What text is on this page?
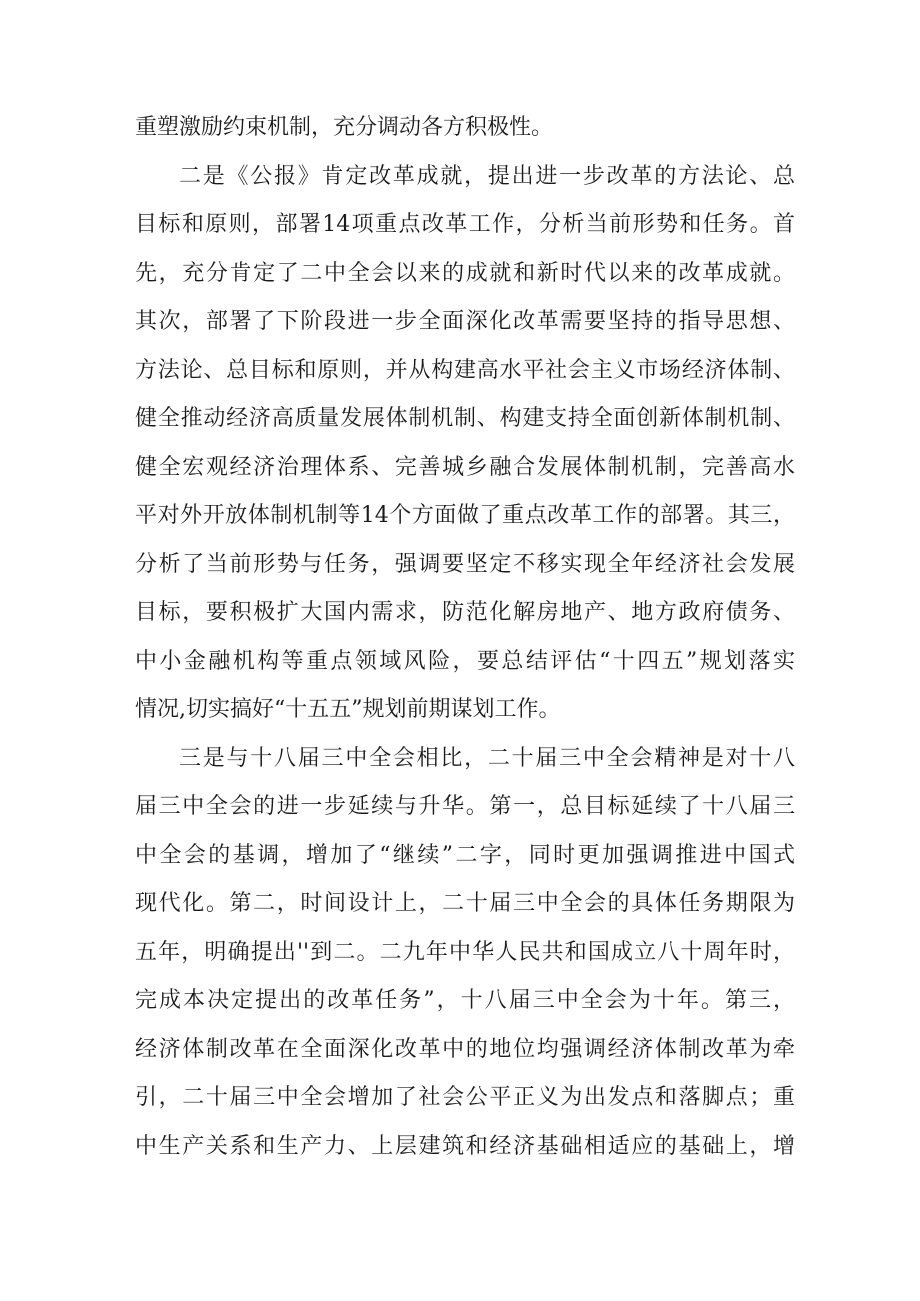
重塑激励约束机制，充分调动各方积极性。
二是《公报》肯定改革成就，提出进一步改革的方法论、总
目标和原则，部署14项重点改革工作，分析当前形势和任务。首
先，充分肯定了二中全会以来的成就和新时代以来的改革成就。
其次，部署了下阶段进一步全面深化改革需要坚持的指导思想、
方法论、总目标和原则，并从构建高水平社会主义市场经济体制、
健全推动经济高质量发展体制机制、构建支持全面创新体制机制、
健全宏观经济治理体系、完善城乡融合发展体制机制，完善高水
平对外开放体制机制等14个方面做了重点改革工作的部署。其三，
分析了当前形势与任务，强调要坚定不移实现全年经济社会发展
目标，要积极扩大国内需求，防范化解房地产、地方政府债务、
中小金融机构等重点领域风险，要总结评估“十四五”规划落实
情况,切实搞好“十五五”规划前期谋划工作。
三是与十八届三中全会相比，二十届三中全会精神是对十八
届三中全会的进一步延续与升华。第一，总目标延续了十八届三
中全会的基调，增加了“继续”二字，同时更加强调推进中国式
现代化。第二，时间设计上，二十届三中全会的具体任务期限为
五年，明确提出''到二。二九年中华人民共和国成立八十周年时，
完成本决定提出的改革任务”，十八届三中全会为十年。第三，
经济体制改革在全面深化改革中的地位均强调经济体制改革为牵
引，二十届三中全会增加了社会公平正义为出发点和落脚点；重
中生产关系和生产力、上层建筑和经济基础相适应的基础上，增
